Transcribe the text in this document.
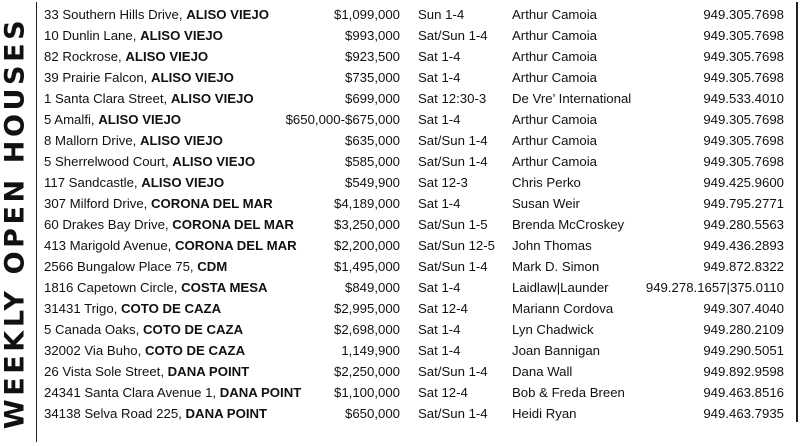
WEEKLY OPEN HOUSES
33 Southern Hills Drive, ALISO VIEJO	$1,099,000 Sun 1-4	Arthur Camoia	949.305.7698
10 Dunlin Lane, ALISO VIEJO	$993,000 Sat/Sun 1-4 Arthur Camoia	949.305.7698
82 Rockrose, ALISO VIEJO	$923,500 Sat 1-4	Arthur Camoia	949.305.7698
39 Prairie Falcon, ALISO VIEJO	$735,000 Sat 1-4	Arthur Camoia	949.305.7698
1 Santa Clara Street, ALISO VIEJO	$699,000 Sat 12:30-3 De Vre’ International	949.533.4010
5 Amalfi, ALISO VIEJO	$650,000-$675,000 Sat 1-4	Arthur Camoia	949.305.7698
8 Mallorn Drive, ALISO VIEJO	$635,000 Sat/Sun 1-4 Arthur Camoia	949.305.7698
5 Sherrelwood Court, ALISO VIEJO	$585,000 Sat/Sun 1-4 Arthur Camoia	949.305.7698
117 Sandcastle, ALISO VIEJO	$549,900 Sat 12-3	Chris Perko	949.425.9600
307 Milford Drive, CORONA DEL MAR	$4,189,000 Sat 1-4	Susan Weir	949.795.2771
60 Drakes Bay Drive, CORONA DEL MAR	$3,250,000 Sat/Sun 1-5 Brenda McCroskey	949.280.5563
413 Marigold Avenue, CORONA DEL MAR	$2,200,000 Sat/Sun 12-5 John Thomas	949.436.2893
2566 Bungalow Place 75, CDM	$1,495,000 Sat/Sun 1-4 Mark D. Simon	949.872.8322
1816 Capetown Circle, COSTA MESA	$849,000 Sat 1-4	Laidlaw|Launder	949.278.1657|375.0110
31431 Trigo, COTO DE CAZA	$2,995,000 Sat 12-4	Mariann Cordova	949.307.4040
5 Canada Oaks, COTO DE CAZA	$2,698,000 Sat 1-4	Lyn Chadwick	949.280.2109
32002 Via Buho, COTO DE CAZA	1,149,900 Sat 1-4	Joan Bannigan	949.290.5051
26 Vista Sole Street, DANA POINT	$2,250,000 Sat/Sun 1-4 Dana Wall	949.892.9598
24341 Santa Clara Avenue 1, DANA POINT $1,100,000 Sat 12-4	Bob & Freda Breen	949.463.8516
34138 Selva Road 225, DANA POINT	$650,000 Sat/Sun 1-4 Heidi Ryan	949.463.7935
